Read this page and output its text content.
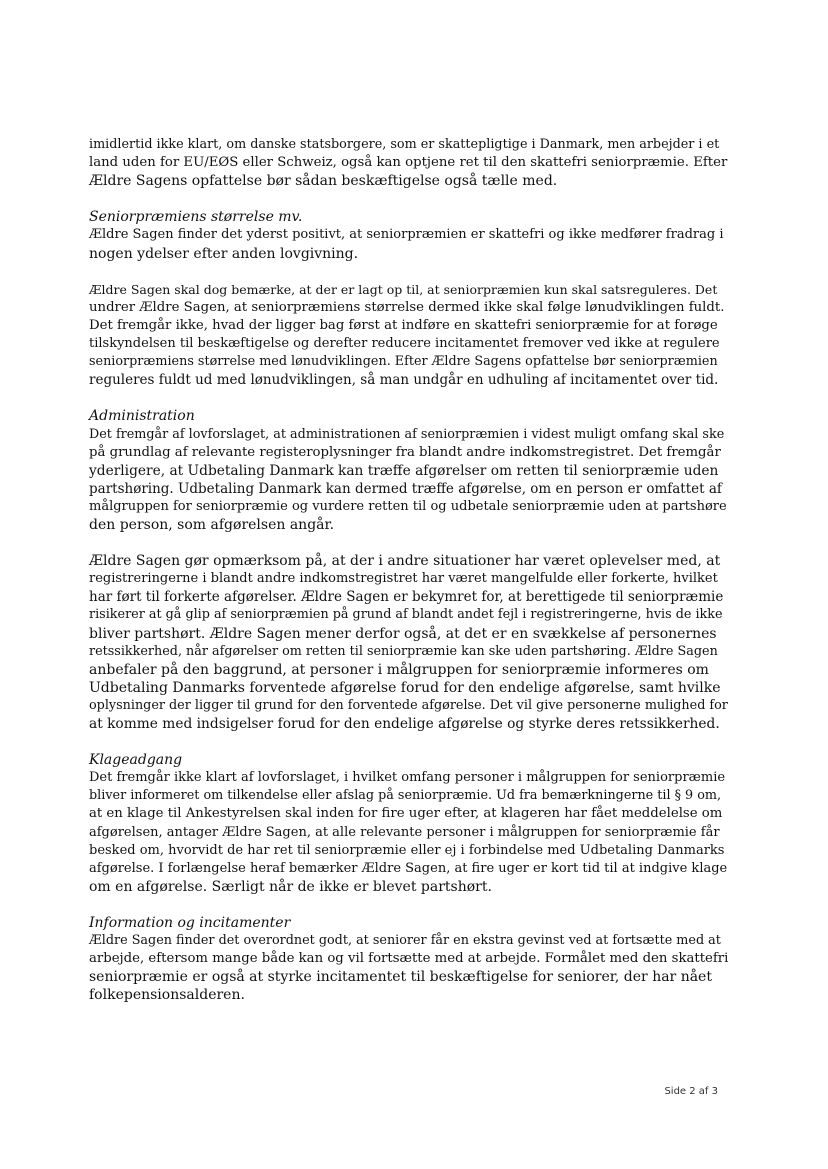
imidlertid ikke klart, om danske statsborgere, som er skattepligtige i Danmark, men arbejder i et
land uden for EU/EØS eller Schweiz, også kan optjene ret til den skattefri seniorpræmie. Efter
Ældre Sagens opfattelse bør sådan beskæftigelse også tælle med.
Seniorpræmiens størrelse mv.
Ældre Sagen finder det yderst positivt, at seniorpræmien er skattefri og ikke medfører fradrag i
nogen ydelser efter anden lovgivning.
Ældre Sagen skal dog bemærke, at der er lagt op til, at seniorpræmien kun skal satsreguleres. Det
undrer Ældre Sagen, at seniorpræmiens størrelse dermed ikke skal følge lønudviklingen fuldt.
Det fremgår ikke, hvad der ligger bag først at indføre en skattefri seniorpræmie for at forøge
tilskyndelsen til beskæftigelse og derefter reducere incitamentet fremover ved ikke at regulere
seniorpræmiens størrelse med lønudviklingen. Efter Ældre Sagens opfattelse bør seniorpræmien
reguleres fuldt ud med lønudviklingen, så man undgår en udhuling af incitamentet over tid.
Administration
Det fremgår af lovforslaget, at administrationen af seniorpræmien i videst muligt omfang skal ske
på grundlag af relevante registeroplysninger fra blandt andre indkomstregistret. Det fremgår
yderligere, at Udbetaling Danmark kan træffe afgørelser om retten til seniorpræmie uden
partshøring. Udbetaling Danmark kan dermed træffe afgørelse, om en person er omfattet af
målgruppen for seniorpræmie og vurdere retten til og udbetale seniorpræmie uden at partshøre
den person, som afgørelsen angår.
Ældre Sagen gør opmærksom på, at der i andre situationer har været oplevelser med, at
registreringerne i blandt andre indkomstregistret har været mangelfulde eller forkerte, hvilket
har ført til forkerte afgørelser. Ældre Sagen er bekymret for, at berettigede til seniorpræmie
risikerer at gå glip af seniorpræmien på grund af blandt andet fejl i registreringerne, hvis de ikke
bliver partshørt. Ældre Sagen mener derfor også, at det er en svækkelse af personernes
retssikkerhed, når afgørelser om retten til seniorpræmie kan ske uden partshøring. Ældre Sagen
anbefaler på den baggrund, at personer i målgruppen for seniorpræmie informeres om
Udbetaling Danmarks forventede afgørelse forud for den endelige afgørelse, samt hvilke
oplysninger der ligger til grund for den forventede afgørelse. Det vil give personerne mulighed for
at komme med indsigelser forud for den endelige afgørelse og styrke deres retssikkerhed.
Klageadgang
Det fremgår ikke klart af lovforslaget, i hvilket omfang personer i målgruppen for seniorpræmie
bliver informeret om tilkendelse eller afslag på seniorpræmie. Ud fra bemærkningerne til § 9 om,
at en klage til Ankestyrelsen skal inden for fire uger efter, at klageren har fået meddelelse om
afgørelsen, antager Ældre Sagen, at alle relevante personer i målgruppen for seniorpræmie får
besked om, hvorvidt de har ret til seniorpræmie eller ej i forbindelse med Udbetaling Danmarks
afgørelse. I forlængelse heraf bemærker Ældre Sagen, at fire uger er kort tid til at indgive klage
om en afgørelse. Særligt når de ikke er blevet partshørt.
Information og incitamenter
Ældre Sagen finder det overordnet godt, at seniorer får en ekstra gevinst ved at fortsætte med at
arbejde, eftersom mange både kan og vil fortsætte med at arbejde. Formålet med den skattefri
seniorpræmie er også at styrke incitamentet til beskæftigelse for seniorer, der har nået
folkepensionsalderen.
Side 2 af 3
